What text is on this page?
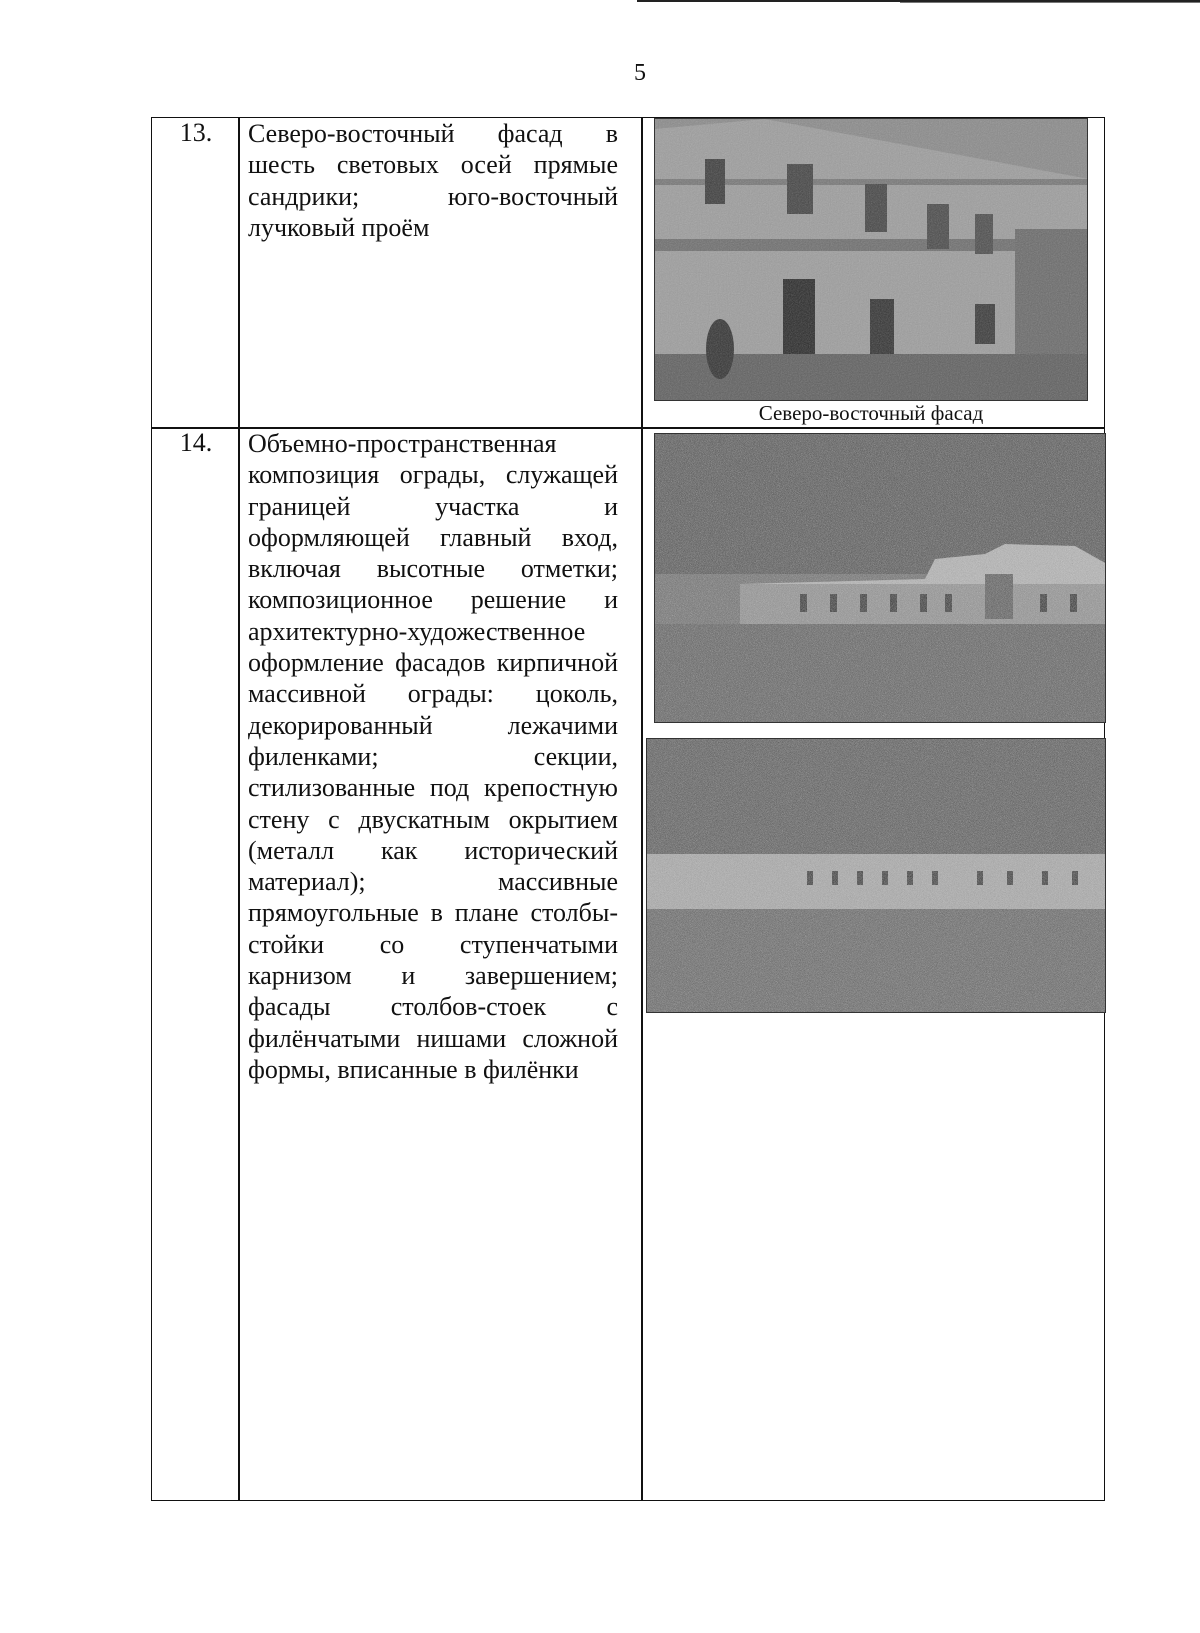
5
13.	Северо-восточный фасад в шесть световых осей прямые сандрики; юго-восточный лучковый проём
Северо-восточный фасад
14.	Объемно-пространственная композиция ограды, служащей границей участка и оформляющей главный вход, включая высотные отметки; композиционное решение и архитектурно-художественное оформление фасадов кирпичной массивной ограды: цоколь, декорированный лежачими филенками; секции, стилизованные под крепостную стену с двускатным окрытием (металл как исторический материал); массивные прямоугольные в плане столбы-стойки со ступенчатыми карнизом и завершением; фасады столбов-стоек с филёнчатыми нишами сложной формы, вписанные в филёнки
